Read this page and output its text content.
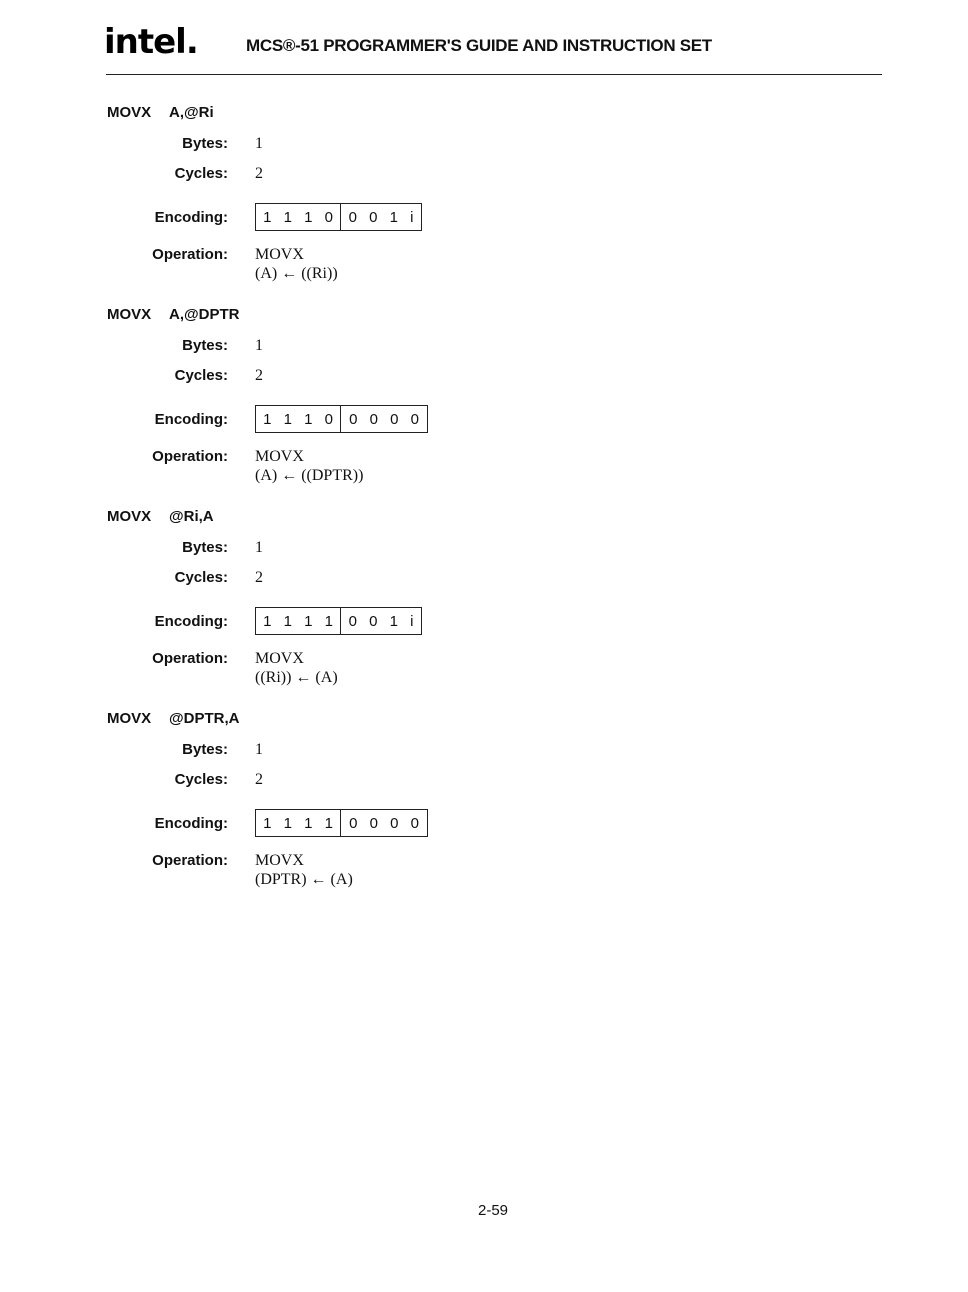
intel.	MCS®-51 PROGRAMMER'S GUIDE AND INSTRUCTION SET
MOVX A,@Ri
Bytes: 1
Cycles: 2
Encoding:	1 1 1 0 0 0 1 i
Operation: MOVX
(A) ← ((Ri))
MOVX A,@DPTR
Bytes: 1
Cycles: 2
Encoding:	1 1 1 0 0 0 0 0
Operation: MOVX
(A) ← ((DPTR))
MOVX @Ri,A
Bytes: 1
Cycles: 2
Encoding:	1 1 1 1 0 0 1 i
Operation: MOVX
((Ri)) ← (A)
MOVX @DPTR,A
Bytes: 1
Cycles: 2
Encoding:	1 1 1 1 0 0 0 0
Operation: MOVX
(DPTR) ← (A)
2-59
